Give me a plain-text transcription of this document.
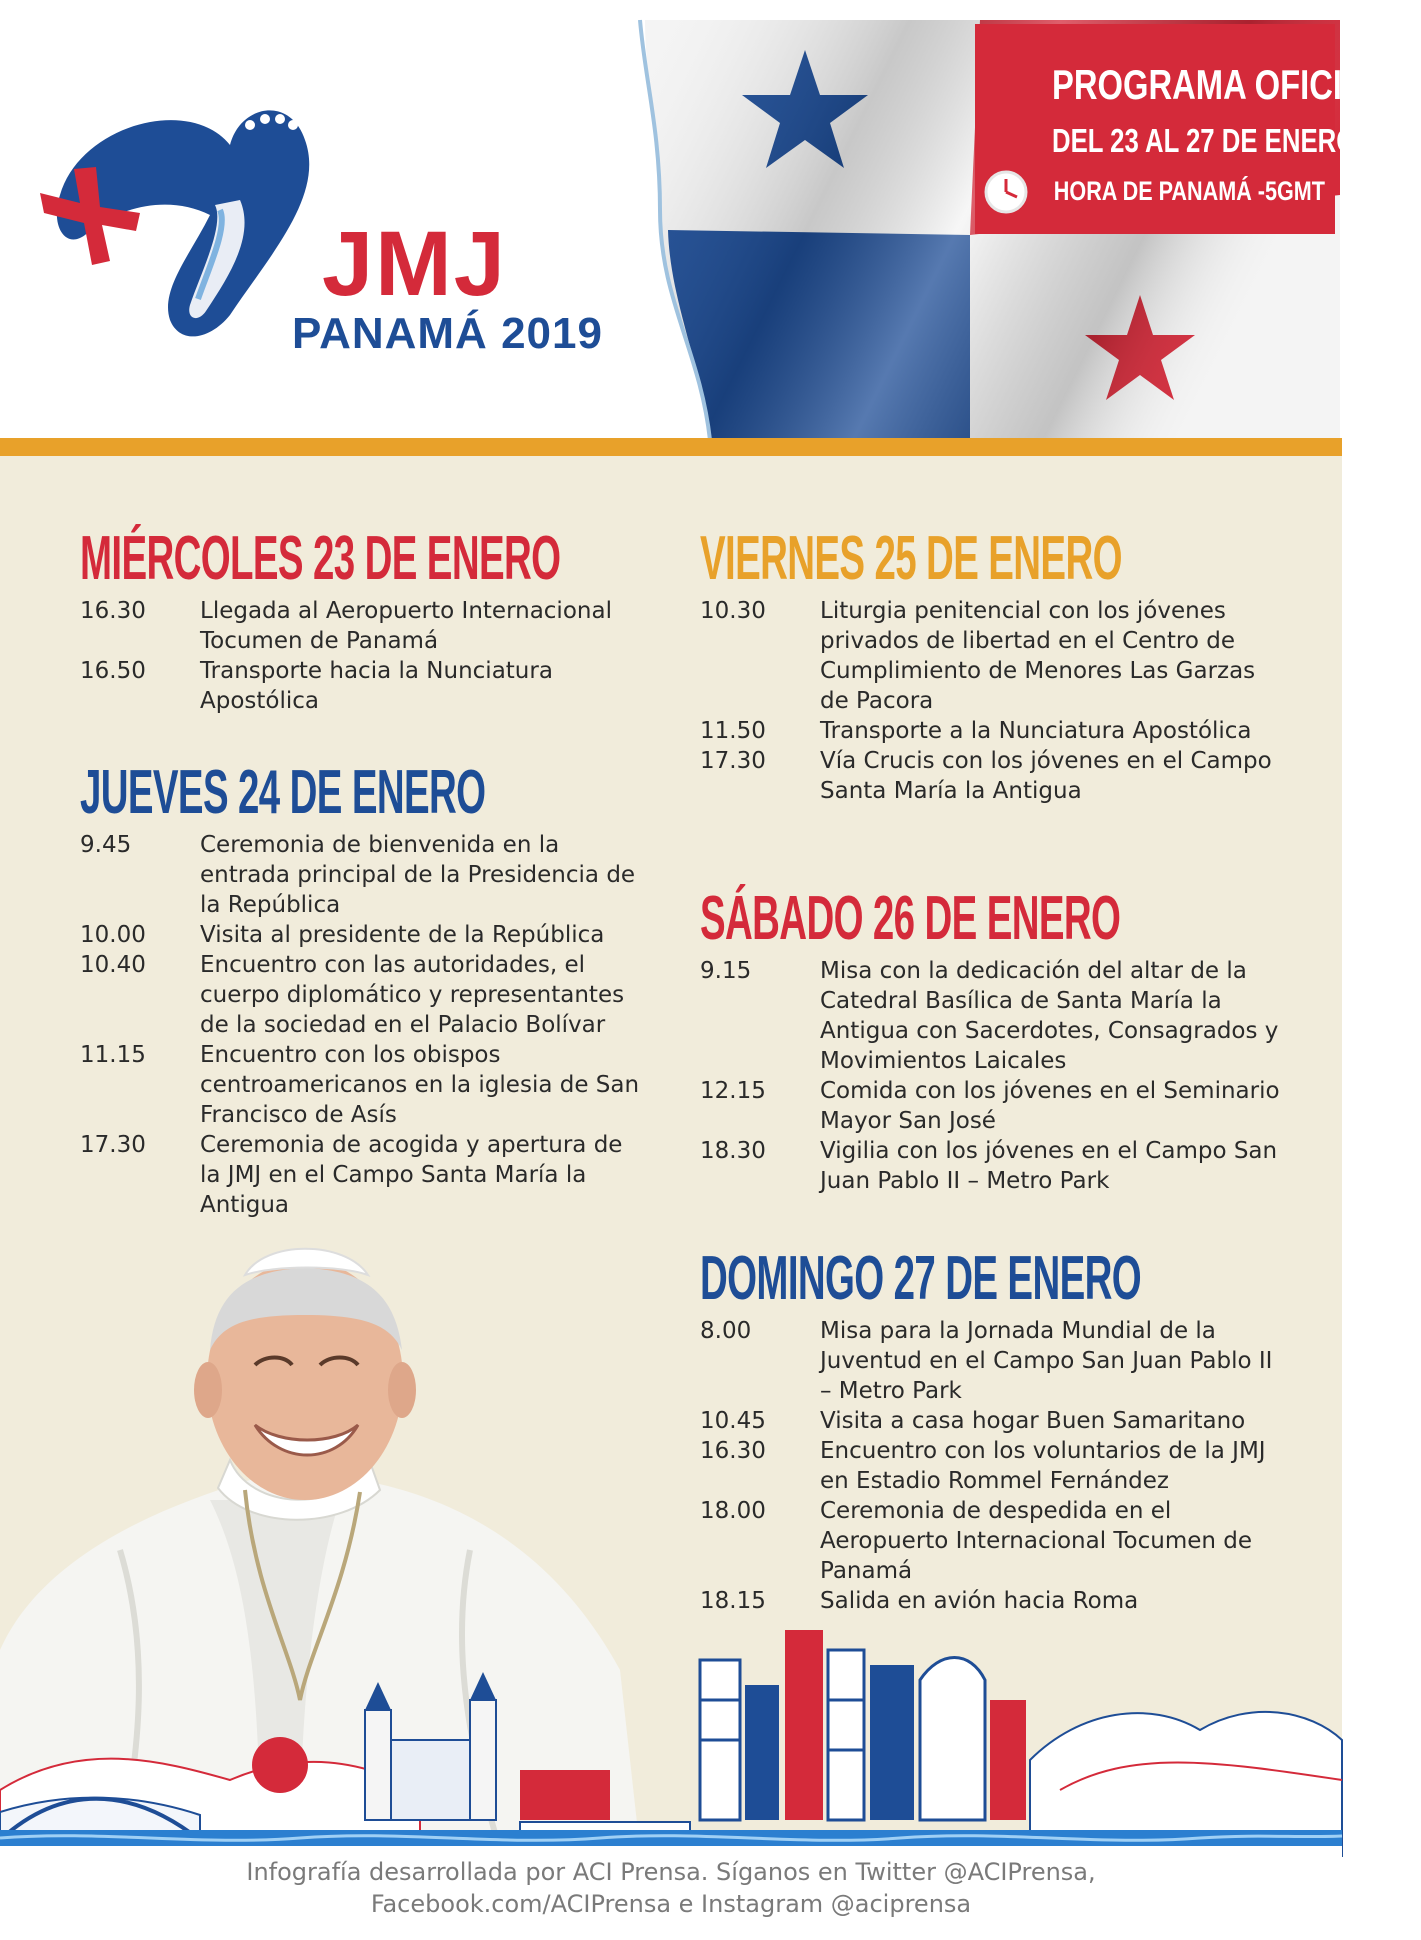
JMJ
PANAMÁ 2019
PROGRAMA OFICIAL
DEL 23 AL 27 DE ENERO 2019
HORA DE PANAMÁ -5GMT
MIÉRCOLES 23 DE ENERO
16.30	Llegada al Aeropuerto Internacional Tocumen de Panamá
16.50	Transporte hacia la Nunciatura Apostólica
JUEVES 24 DE ENERO
9.45	Ceremonia de bienvenida en la entrada principal de la Presidencia de la República
10.00	Visita al presidente de la República
10.40	Encuentro con las autoridades, el cuerpo diplomático y representantes de la sociedad en el Palacio Bolívar
11.15	Encuentro con los obispos centroamericanos en la iglesia de San Francisco de Asís
17.30	Ceremonia de acogida y apertura de la JMJ en el Campo Santa María la Antigua
VIERNES 25 DE ENERO
10.30	Liturgia penitencial con los jóvenes privados de libertad en el Centro de Cumplimiento de Menores Las Garzas de Pacora
11.50	Transporte a la Nunciatura Apostólica
17.30	Vía Crucis con los jóvenes en el Campo Santa María la Antigua
SÁBADO 26 DE ENERO
9.15	Misa con la dedicación del altar de la Catedral Basílica de Santa María la Antigua con Sacerdotes, Consagrados y Movimientos Laicales
12.15	Comida con los jóvenes en el Seminario Mayor San José
18.30	Vigilia con los jóvenes en el Campo San Juan Pablo II – Metro Park
DOMINGO 27 DE ENERO
8.00	Misa para la Jornada Mundial de la Juventud en el Campo San Juan Pablo II – Metro Park
10.45	Visita a casa hogar Buen Samaritano
16.30	Encuentro con los voluntarios de la JMJ en Estadio Rommel Fernández
18.00	Ceremonia de despedida en el Aeropuerto Internacional Tocumen de Panamá
18.15	Salida en avión hacia Roma
Infografía desarrollada por ACI Prensa. Síganos en Twitter @ACIPrensa,
Facebook.com/ACIPrensa e Instagram @aciprensa
